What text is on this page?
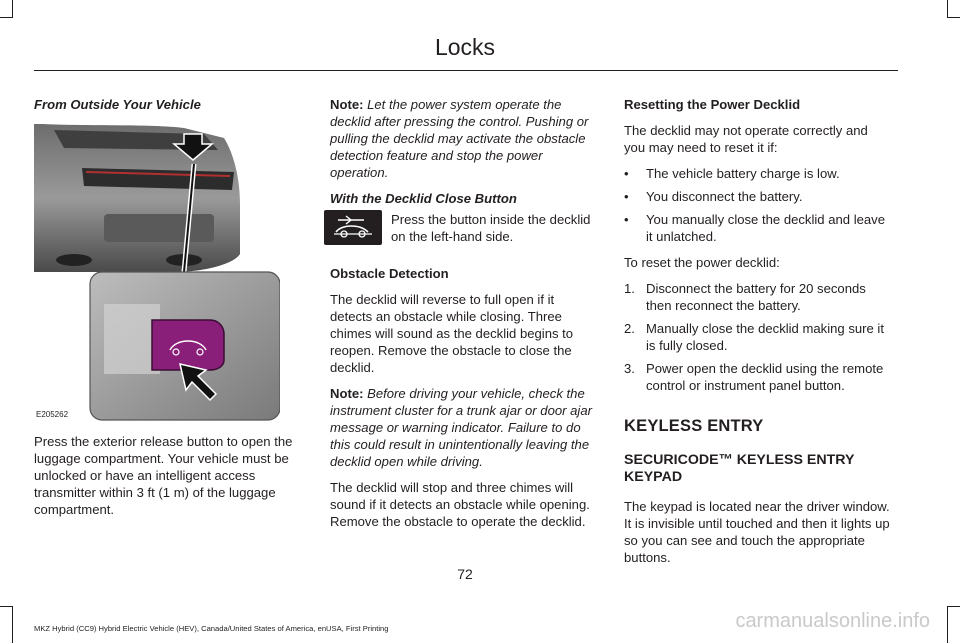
Locks

From Outside Your Vehicle

E205262

Press the exterior release button to open the luggage compartment. Your vehicle must be unlocked or have an intelligent access transmitter within 3 ft (1 m) of the luggage compartment.

Note: Let the power system operate the decklid after pressing the control. Pushing or pulling the decklid may activate the obstacle detection feature and stop the power operation.

With the Decklid Close Button

Press the button inside the decklid on the left-hand side.

Obstacle Detection

The decklid will reverse to full open if it detects an obstacle while closing. Three chimes will sound as the decklid begins to reopen. Remove the obstacle to close the decklid.

Note: Before driving your vehicle, check the instrument cluster for a trunk ajar or door ajar message or warning indicator. Failure to do this could result in unintentionally leaving the decklid open while driving.

The decklid will stop and three chimes will sound if it detects an obstacle while opening. Remove the obstacle to operate the decklid.

Resetting the Power Decklid

The decklid may not operate correctly and you may need to reset it if:

• The vehicle battery charge is low.
• You disconnect the battery.
• You manually close the decklid and leave it unlatched.

To reset the power decklid:

1. Disconnect the battery for 20 seconds then reconnect the battery.
2. Manually close the decklid making sure it is fully closed.
3. Power open the decklid using the remote control or instrument panel button.
KEYLESS ENTRY
SECURICODE™ KEYLESS ENTRY KEYPAD

The keypad is located near the driver window. It is invisible until touched and then it lights up so you can see and touch the appropriate buttons.

72
MKZ Hybrid (CC9) Hybrid Electric Vehicle (HEV), Canada/United States of America, enUSA, First Printing	carmanualsonline.info
